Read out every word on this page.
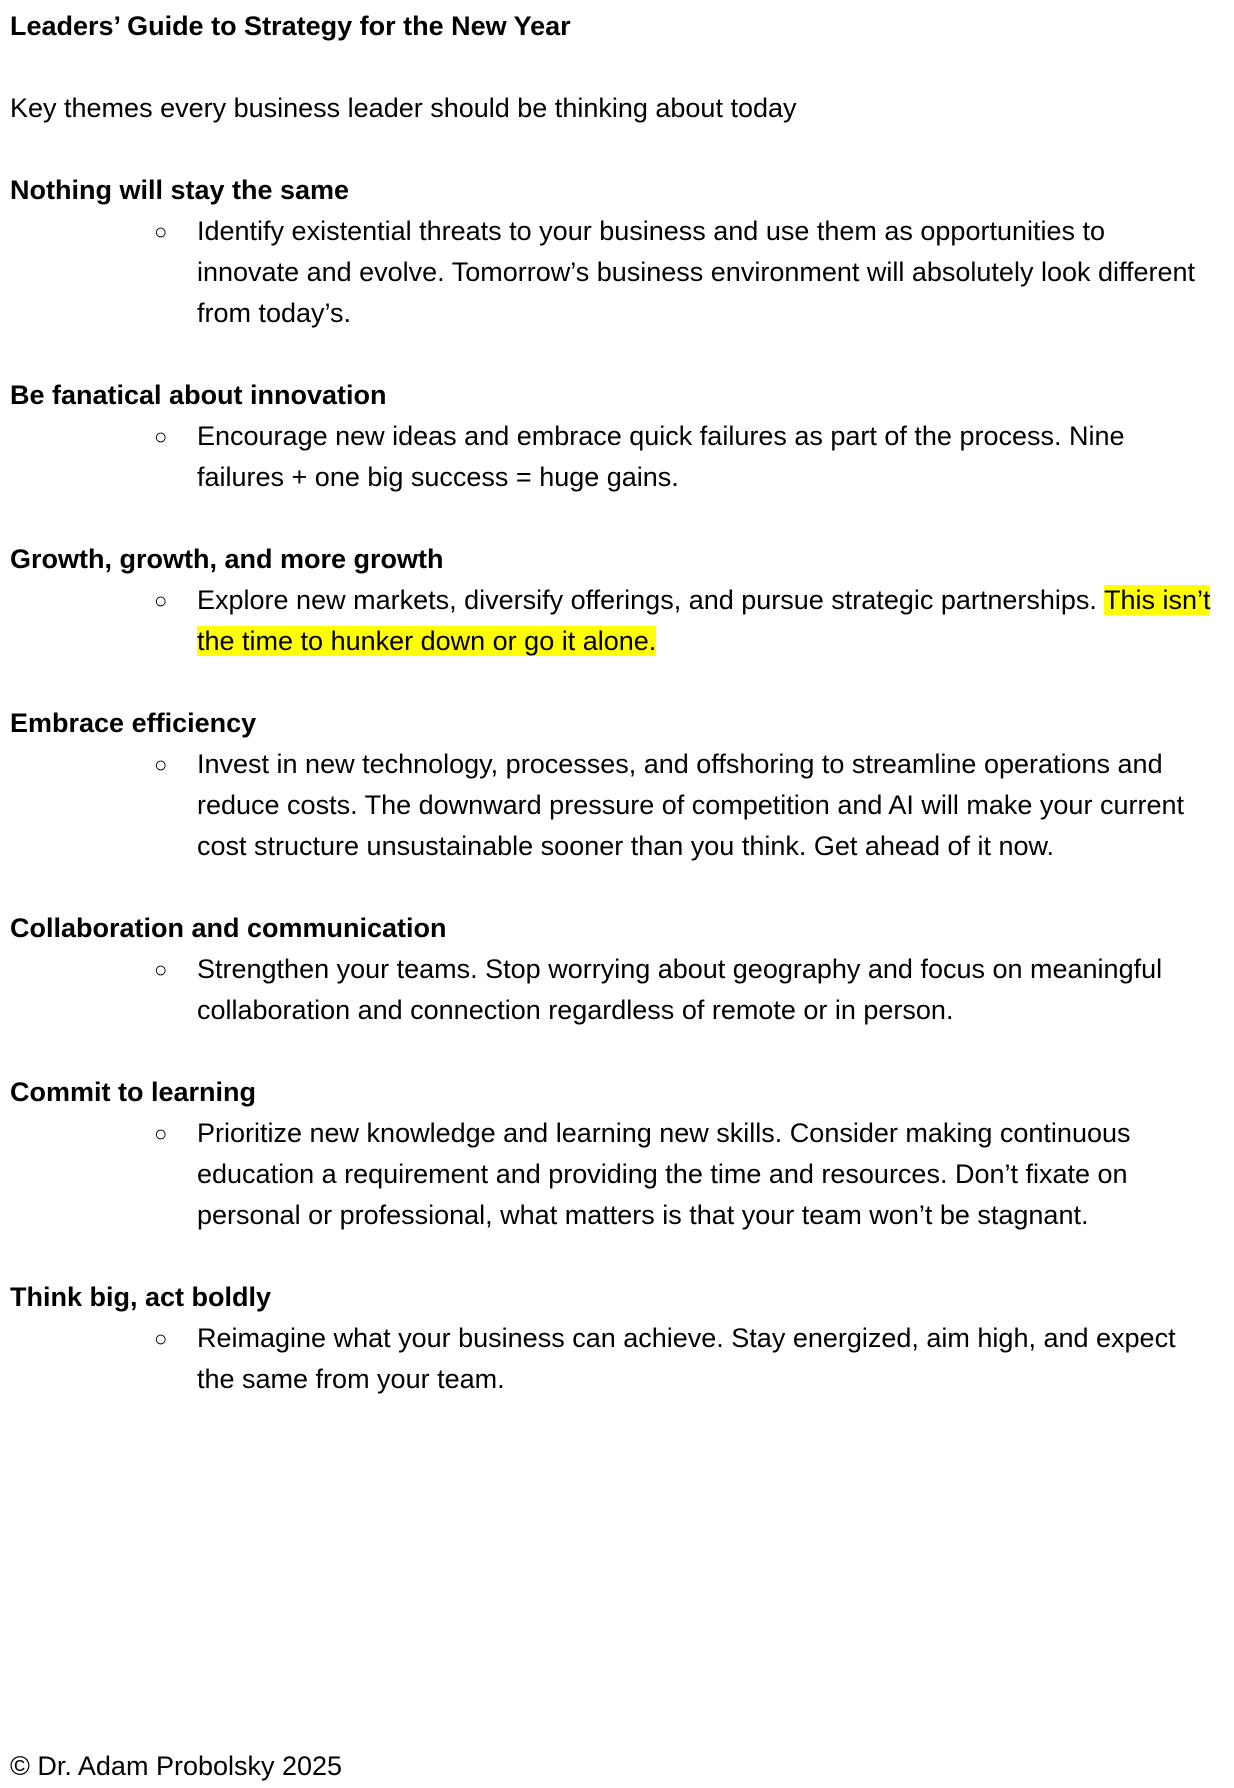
Leaders’ Guide to Strategy for the New Year

Key themes every business leader should be thinking about today

Nothing will stay the same
○ Identify existential threats to your business and use them as opportunities to innovate and evolve. Tomorrow’s business environment will absolutely look different from today’s.
Be fanatical about innovation
○ Encourage new ideas and embrace quick failures as part of the process. Nine failures + one big success = huge gains.
Growth, growth, and more growth
○ Explore new markets, diversify offerings, and pursue strategic partnerships. This isn’t the time to hunker down or go it alone.
Embrace efficiency
○ Invest in new technology, processes, and offshoring to streamline operations and reduce costs. The downward pressure of competition and AI will make your current cost structure unsustainable sooner than you think. Get ahead of it now.
Collaboration and communication
○ Strengthen your teams. Stop worrying about geography and focus on meaningful collaboration and connection regardless of remote or in person.
Commit to learning
○ Prioritize new knowledge and learning new skills. Consider making continuous education a requirement and providing the time and resources. Don’t fixate on personal or professional, what matters is that your team won’t be stagnant.
Think big, act boldly
○ Reimagine what your business can achieve. Stay energized, aim high, and expect the same from your team.
© Dr. Adam Probolsky 2025
